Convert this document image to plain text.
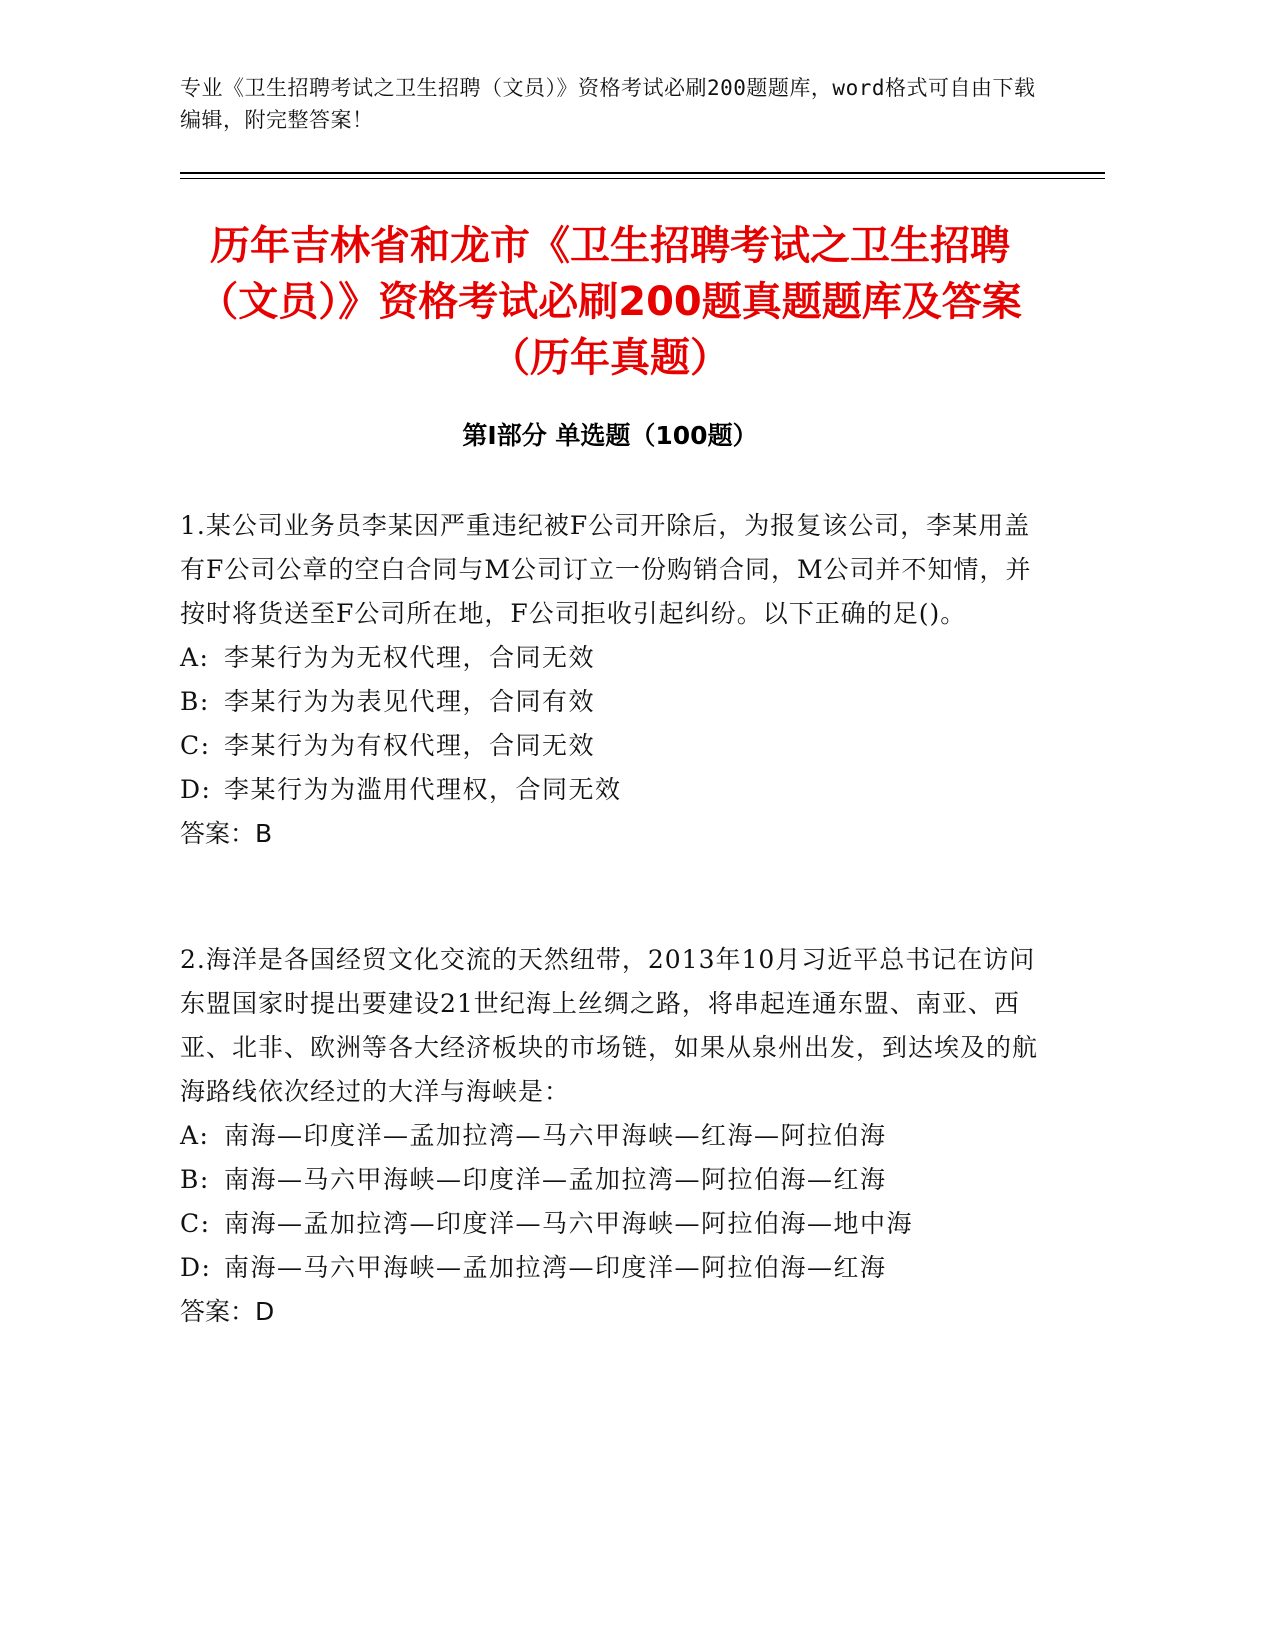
专业《卫生招聘考试之卫生招聘（文员）》资格考试必刷200题题库，word格式可自由下载编辑，附完整答案！
历年吉林省和龙市《卫生招聘考试之卫生招聘（文员）》资格考试必刷200题真题题库及答案（历年真题）
第I部分 单选题（100题）
1.某公司业务员李某因严重违纪被F公司开除后，为报复该公司，李某用盖有F公司公章的空白合同与M公司订立一份购销合同，M公司并不知情，并按时将货送至F公司所在地，F公司拒收引起纠纷。以下正确的足()。
A: 李某行为为无权代理，合同无效
B: 李某行为为表见代理，合同有效
C: 李某行为为有权代理，合同无效
D: 李某行为为滥用代理权，合同无效
答案：B
2.海洋是各国经贸文化交流的天然纽带，2013年10月习近平总书记在访问东盟国家时提出要建设21世纪海上丝绸之路，将串起连通东盟、南亚、西亚、北非、欧洲等各大经济板块的市场链，如果从泉州出发，到达埃及的航海路线依次经过的大洋与海峡是：
A: 南海—印度洋—孟加拉湾—马六甲海峡—红海—阿拉伯海
B: 南海—马六甲海峡—印度洋—孟加拉湾—阿拉伯海—红海
C: 南海—孟加拉湾—印度洋—马六甲海峡—阿拉伯海—地中海
D: 南海—马六甲海峡—孟加拉湾—印度洋—阿拉伯海—红海
答案：D
